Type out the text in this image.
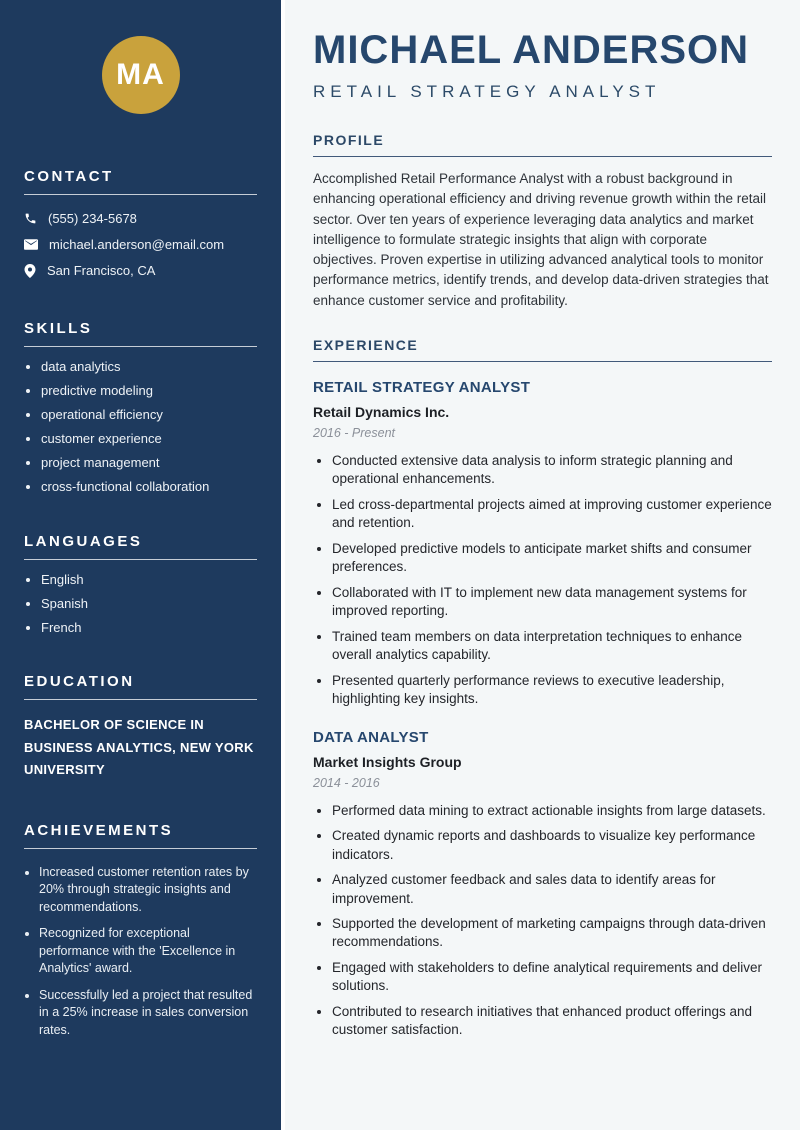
MA
CONTACT
(555) 234-5678
michael.anderson@email.com
San Francisco, CA
SKILLS
• data analytics
• predictive modeling
• operational efficiency
• customer experience
• project management
• cross-functional collaboration
LANGUAGES
• English
• Spanish
• French
EDUCATION

BACHELOR OF SCIENCE IN BUSINESS ANALYTICS, NEW YORK UNIVERSITY

ACHIEVEMENTS
• Increased customer retention rates by 20% through strategic insights and recommendations.
• Recognized for exceptional performance with the 'Excellence in Analytics' award.
• Successfully led a project that resulted in a 25% increase in sales conversion rates.
MICHAEL ANDERSON
RETAIL STRATEGY ANALYST
PROFILE

Accomplished Retail Performance Analyst with a robust background in enhancing operational efficiency and driving revenue growth within the retail sector. Over ten years of experience leveraging data analytics and market intelligence to formulate strategic insights that align with corporate objectives. Proven expertise in utilizing advanced analytical tools to monitor performance metrics, identify trends, and develop data-driven strategies that enhance customer service and profitability.

EXPERIENCE
RETAIL STRATEGY ANALYST
Retail Dynamics Inc.
2016 - Present
• Conducted extensive data analysis to inform strategic planning and operational enhancements.
• Led cross-departmental projects aimed at improving customer experience and retention.
• Developed predictive models to anticipate market shifts and consumer preferences.
• Collaborated with IT to implement new data management systems for improved reporting.
• Trained team members on data interpretation techniques to enhance overall analytics capability.
• Presented quarterly performance reviews to executive leadership, highlighting key insights.
DATA ANALYST
Market Insights Group
2014 - 2016
• Performed data mining to extract actionable insights from large datasets.
• Created dynamic reports and dashboards to visualize key performance indicators.
• Analyzed customer feedback and sales data to identify areas for improvement.
• Supported the development of marketing campaigns through data-driven recommendations.
• Engaged with stakeholders to define analytical requirements and deliver solutions.
• Contributed to research initiatives that enhanced product offerings and customer satisfaction.
